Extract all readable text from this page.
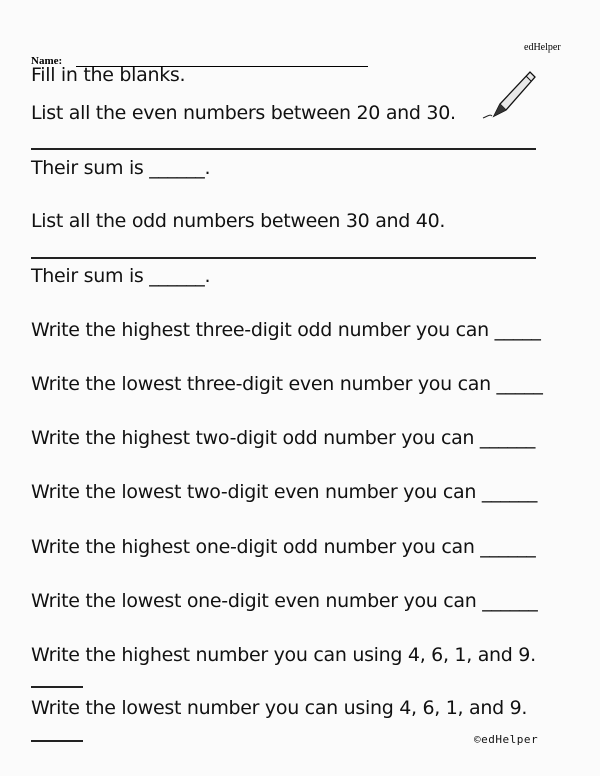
edHelper
Name:
Fill in the blanks.
List all the even numbers between 20 and 30.
Their sum is ______.
List all the odd numbers between 30 and 40.
Their sum is ______.
Write the highest three-digit odd number you can _____
Write the lowest three-digit even number you can _____
Write the highest two-digit odd number you can ______
Write the lowest two-digit even number you can ______
Write the highest one-digit odd number you can ______
Write the lowest one-digit even number you can ______
Write the highest number you can using 4, 6, 1, and 9.
Write the lowest number you can using 4, 6, 1, and 9.
©edHelper
